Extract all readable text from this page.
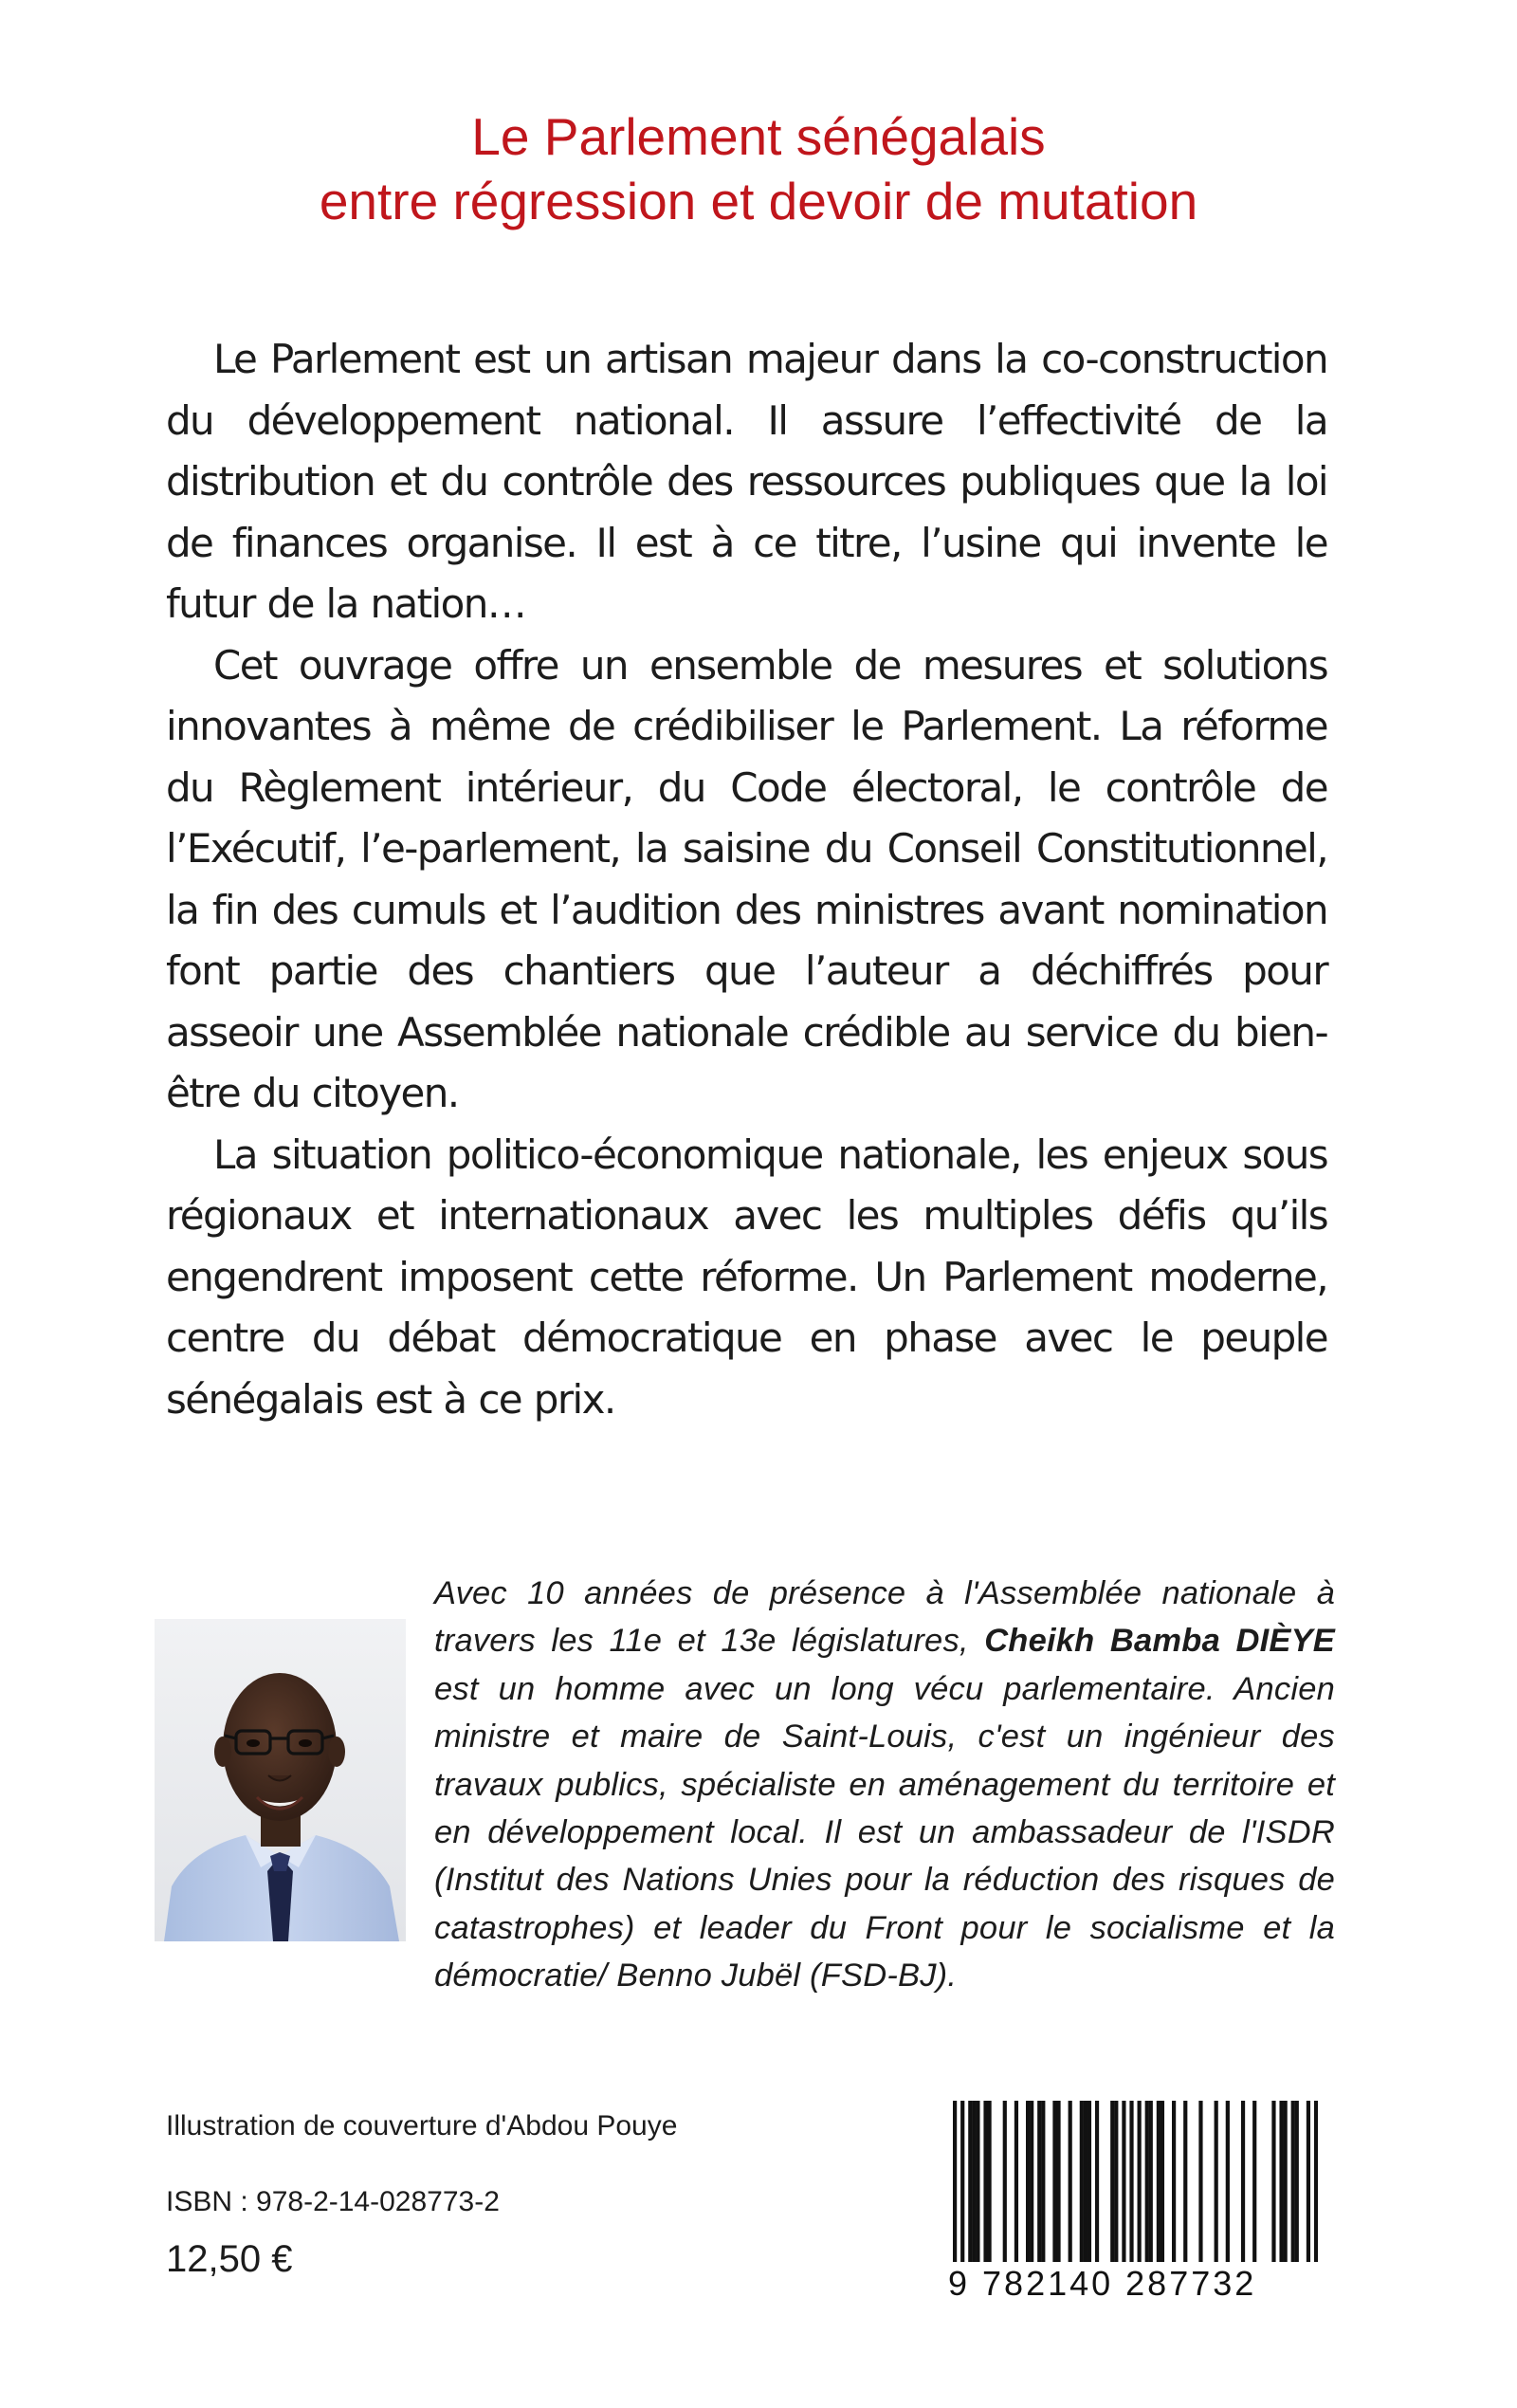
Le Parlement sénégalais
entre régression et devoir de mutation

Le Parlement est un artisan majeur dans la co-construction du développement national. Il assure l’effectivité de la distribution et du contrôle des ressources publiques que la loi de finances organise. Il est à ce titre, l’usine qui invente le futur de la nation…

Cet ouvrage offre un ensemble de mesures et solutions innovantes à même de crédibiliser le Parlement. La réforme du Règlement intérieur, du Code électoral, le contrôle de l’Exécutif, l’e-parlement, la saisine du Conseil Constitutionnel, la fin des cumuls et l’audition des ministres avant nomination font partie des chantiers que l’auteur a déchiffrés pour asseoir une Assemblée nationale crédible au service du bien-être du citoyen.

La situation politico-économique nationale, les enjeux sous régionaux et internationaux avec les multiples défis qu’ils engendrent imposent cette réforme. Un Parlement moderne, centre du débat démocratique en phase avec le peuple sénégalais est à ce prix.

Avec 10 années de présence à l'Assemblée nationale à travers les 11e et 13e législatures, Cheikh Bamba DIÈYE est un homme avec un long vécu parlementaire. Ancien ministre et maire de Saint-Louis, c'est un ingénieur des travaux publics, spécialiste en aménagement du territoire et en développement local. Il est un ambassadeur de l'ISDR (Institut des Nations Unies pour la réduction des risques de catastrophes) et leader du Front pour le socialisme et la démocratie/ Benno Jubël (FSD-BJ).

Illustration de couverture d'Abdou Pouye
ISBN : 978-2-14-028773-2
12,50 €
9 782140 287732
